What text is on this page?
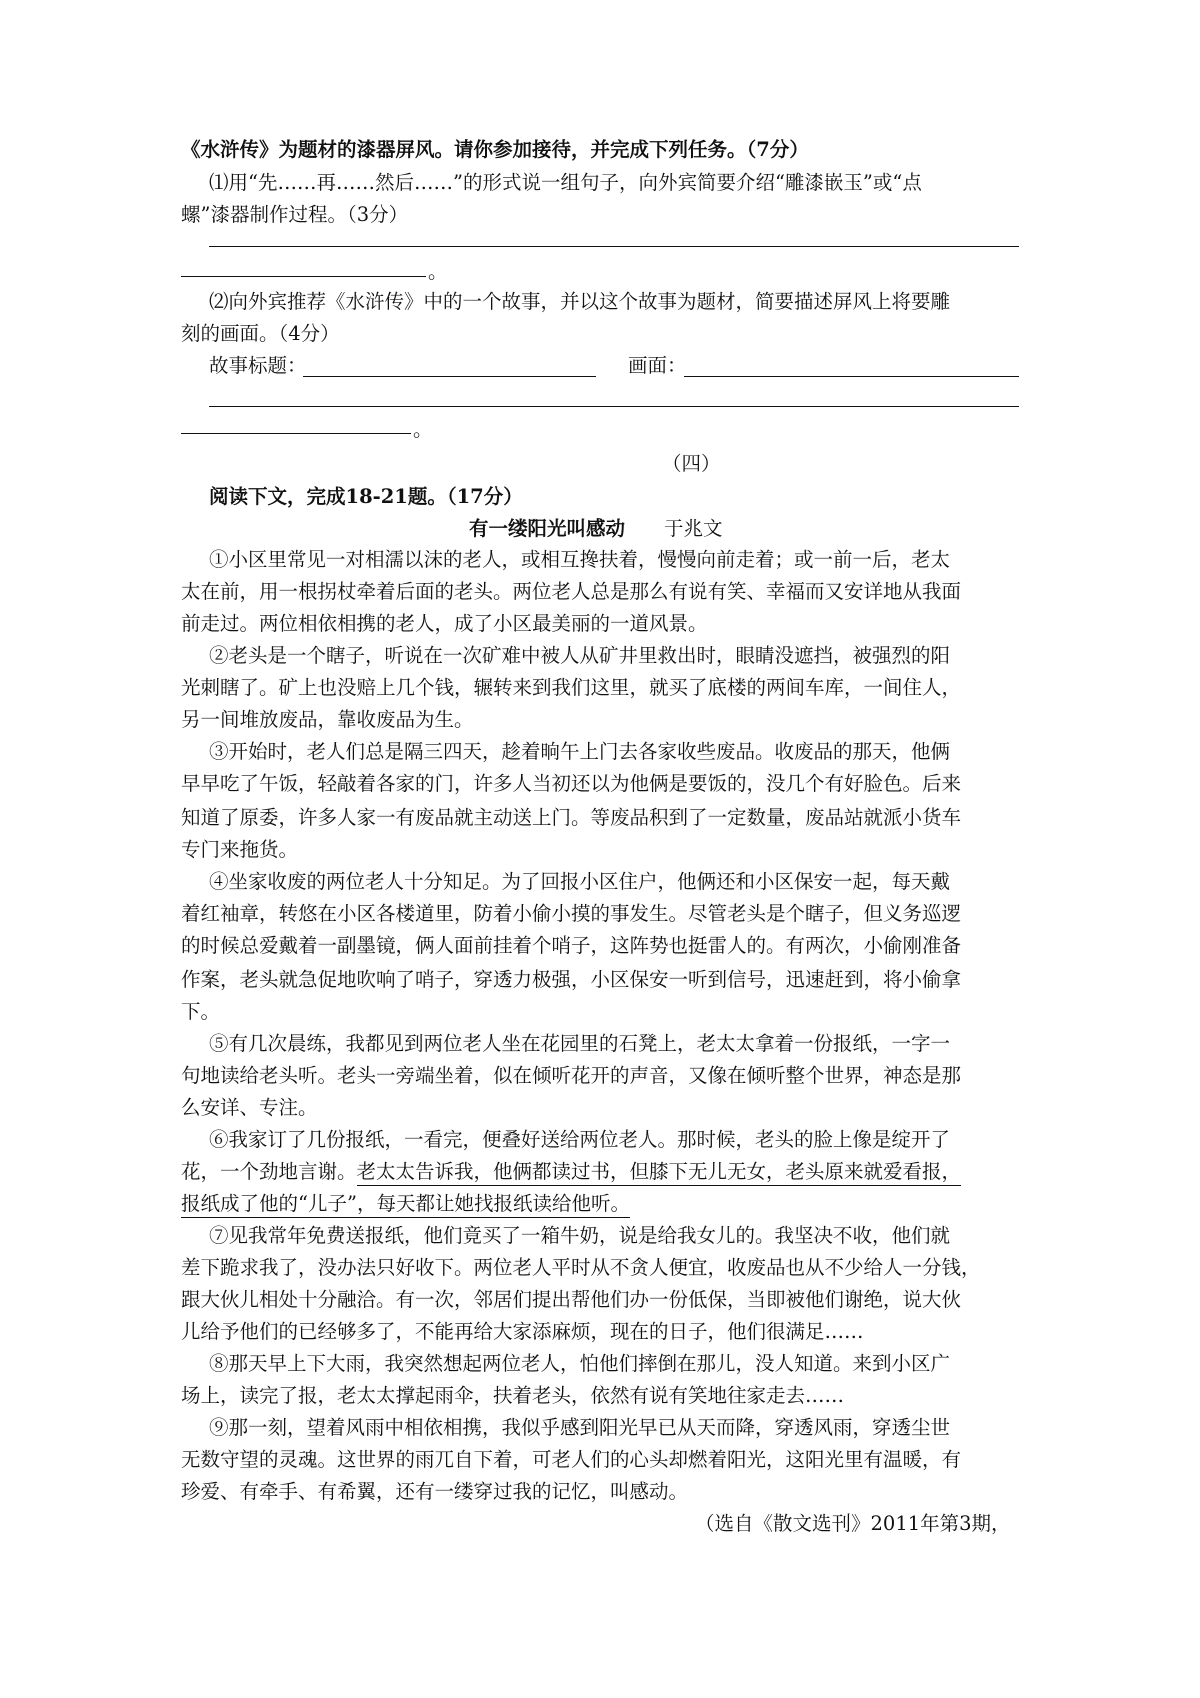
《水浒传》为题材的漆器屏风。请你参加接待，并完成下列任务。（7分）
⑴用“先……再……然后……”的形式说一组句子，向外宾简要介绍“雕漆嵌玉”或“点
螺”漆器制作过程。（3分）
。
⑵向外宾推荐《水浒传》中的一个故事，并以这个故事为题材，简要描述屏风上将要雕
刻的画面。（4分）
故事标题：	画面：
。
（四）
阅读下文，完成18-21题。（17分）
有一缕阳光叫感动 于兆文
①小区里常见一对相濡以沫的老人，或相互搀扶着，慢慢向前走着；或一前一后，老太
太在前，用一根拐杖牵着后面的老头。两位老人总是那么有说有笑、幸福而又安详地从我面
前走过。两位相依相携的老人，成了小区最美丽的一道风景。
②老头是一个瞎子，听说在一次矿难中被人从矿井里救出时，眼睛没遮挡，被强烈的阳
光刺瞎了。矿上也没赔上几个钱，辗转来到我们这里，就买了底楼的两间车库，一间住人，
另一间堆放废品，靠收废品为生。
③开始时，老人们总是隔三四天，趁着晌午上门去各家收些废品。收废品的那天，他俩
早早吃了午饭，轻敲着各家的门，许多人当初还以为他俩是要饭的，没几个有好脸色。后来
知道了原委，许多人家一有废品就主动送上门。等废品积到了一定数量，废品站就派小货车
专门来拖货。
④坐家收废的两位老人十分知足。为了回报小区住户，他俩还和小区保安一起，每天戴
着红袖章，转悠在小区各楼道里，防着小偷小摸的事发生。尽管老头是个瞎子，但义务巡逻
的时候总爱戴着一副墨镜，俩人面前挂着个哨子，这阵势也挺雷人的。有两次，小偷刚准备
作案，老头就急促地吹响了哨子，穿透力极强，小区保安一听到信号，迅速赶到，将小偷拿
下。
⑤有几次晨练，我都见到两位老人坐在花园里的石凳上，老太太拿着一份报纸，一字一
句地读给老头听。老头一旁端坐着，似在倾听花开的声音，又像在倾听整个世界，神态是那
么安详、专注。
⑥我家订了几份报纸，一看完，便叠好送给两位老人。那时候，老头的脸上像是绽开了
花，一个劲地言谢。老太太告诉我，他俩都读过书，但膝下无儿无女，老头原来就爱看报，
报纸成了他的“儿子”，每天都让她找报纸读给他听。
⑦见我常年免费送报纸，他们竟买了一箱牛奶，说是给我女儿的。我坚决不收，他们就
差下跪求我了，没办法只好收下。两位老人平时从不贪人便宜，收废品也从不少给人一分钱，
跟大伙儿相处十分融洽。有一次，邻居们提出帮他们办一份低保，当即被他们谢绝，说大伙
儿给予他们的已经够多了，不能再给大家添麻烦，现在的日子，他们很满足……
⑧那天早上下大雨，我突然想起两位老人，怕他们摔倒在那儿，没人知道。来到小区广
场上，读完了报，老太太撑起雨伞，扶着老头，依然有说有笑地往家走去……
⑨那一刻，望着风雨中相依相携，我似乎感到阳光早已从天而降，穿透风雨，穿透尘世
无数守望的灵魂。这世界的雨兀自下着，可老人们的心头却燃着阳光，这阳光里有温暖，有
珍爱、有牵手、有希翼，还有一缕穿过我的记忆，叫感动。
（选自《散文选刊》2011年第3期，
